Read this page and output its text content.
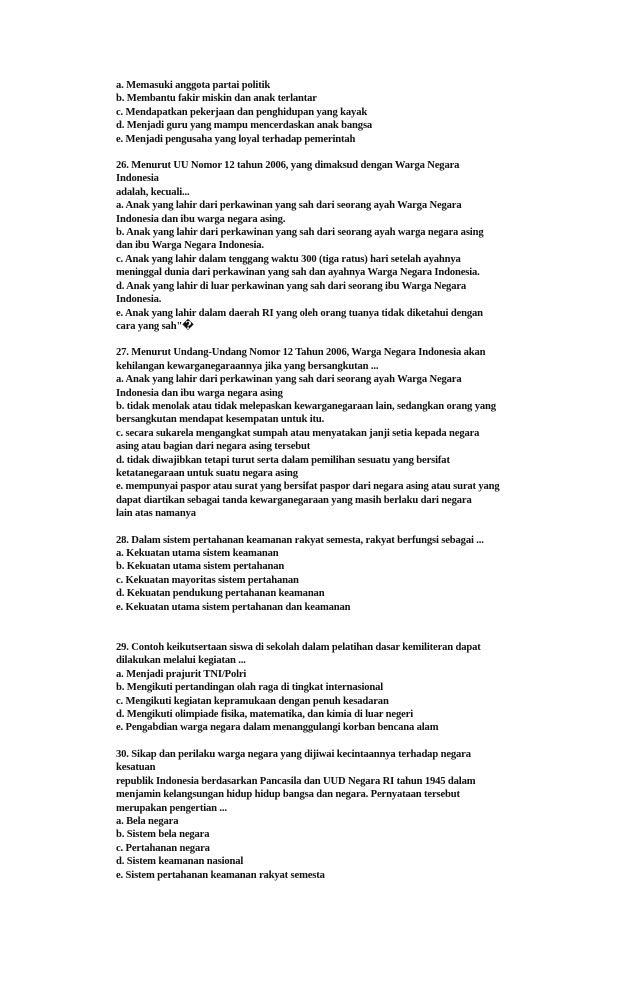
a. Memasuki anggota partai politik
b. Membantu fakir miskin dan anak terlantar
c. Mendapatkan pekerjaan dan penghidupan yang kayak
d. Menjadi guru yang mampu mencerdaskan anak bangsa
e. Menjadi pengusaha yang loyal terhadap pemerintah
26. Menurut UU Nomor 12 tahun 2006, yang dimaksud dengan Warga Negara
Indonesia
adalah, kecuali...
a. Anak yang lahir dari perkawinan yang sah dari seorang ayah Warga Negara
Indonesia dan ibu warga negara asing.
b. Anak yang lahir dari perkawinan yang sah dari seorang ayah warga negara asing
dan ibu Warga Negara Indonesia.
c. Anak yang lahir dalam tenggang waktu 300 (tiga ratus) hari setelah ayahnya
meninggal dunia dari perkawinan yang sah dan ayahnya Warga Negara Indonesia.
d. Anak yang lahir di luar perkawinan yang sah dari seorang ibu Warga Negara
Indonesia.
e. Anak yang lahir dalam daerah RI yang oleh orang tuanya tidak diketahui dengan
cara yang sah"�
27. Menurut Undang-Undang Nomor 12 Tahun 2006, Warga Negara Indonesia akan
kehilangan kewarganegaraannya jika yang bersangkutan ...
a. Anak yang lahir dari perkawinan yang sah dari seorang ayah Warga Negara
Indonesia dan ibu warga negara asing
b. tidak menolak atau tidak melepaskan kewarganegaraan lain, sedangkan orang yang
bersangkutan mendapat kesempatan untuk itu.
c. secara sukarela mengangkat sumpah atau menyatakan janji setia kepada negara
asing atau bagian dari negara asing tersebut
d. tidak diwajibkan tetapi turut serta dalam pemilihan sesuatu yang bersifat
ketatanegaraan untuk suatu negara asing
e. mempunyai paspor atau surat yang bersifat paspor dari negara asing atau surat yang
dapat diartikan sebagai tanda kewarganegaraan yang masih berlaku dari negara
lain atas namanya
28. Dalam sistem pertahanan keamanan rakyat semesta, rakyat berfungsi sebagai ...
a. Kekuatan utama sistem keamanan
b. Kekuatan utama sistem pertahanan
c. Kekuatan mayoritas sistem pertahanan
d. Kekuatan pendukung pertahanan keamanan
e. Kekuatan utama sistem pertahanan dan keamanan
29. Contoh keikutsertaan siswa di sekolah dalam pelatihan dasar kemiliteran dapat
dilakukan melalui kegiatan ...
a. Menjadi prajurit TNI/Polri
b. Mengikuti pertandingan olah raga di tingkat internasional
c. Mengikuti kegiatan kepramukaan dengan penuh kesadaran
d. Mengikuti olimpiade fisika, matematika, dan kimia di luar negeri
e. Pengabdian warga negara dalam menanggulangi korban bencana alam
30. Sikap dan perilaku warga negara yang dijiwai kecintaannya terhadap negara
kesatuan
republik Indonesia berdasarkan Pancasila dan UUD Negara RI tahun 1945 dalam
menjamin kelangsungan hidup hidup bangsa dan negara. Pernyataan tersebut
merupakan pengertian ...
a. Bela negara
b. Sistem bela negara
c. Pertahanan negara
d. Sistem keamanan nasional
e. Sistem pertahanan keamanan rakyat semesta
